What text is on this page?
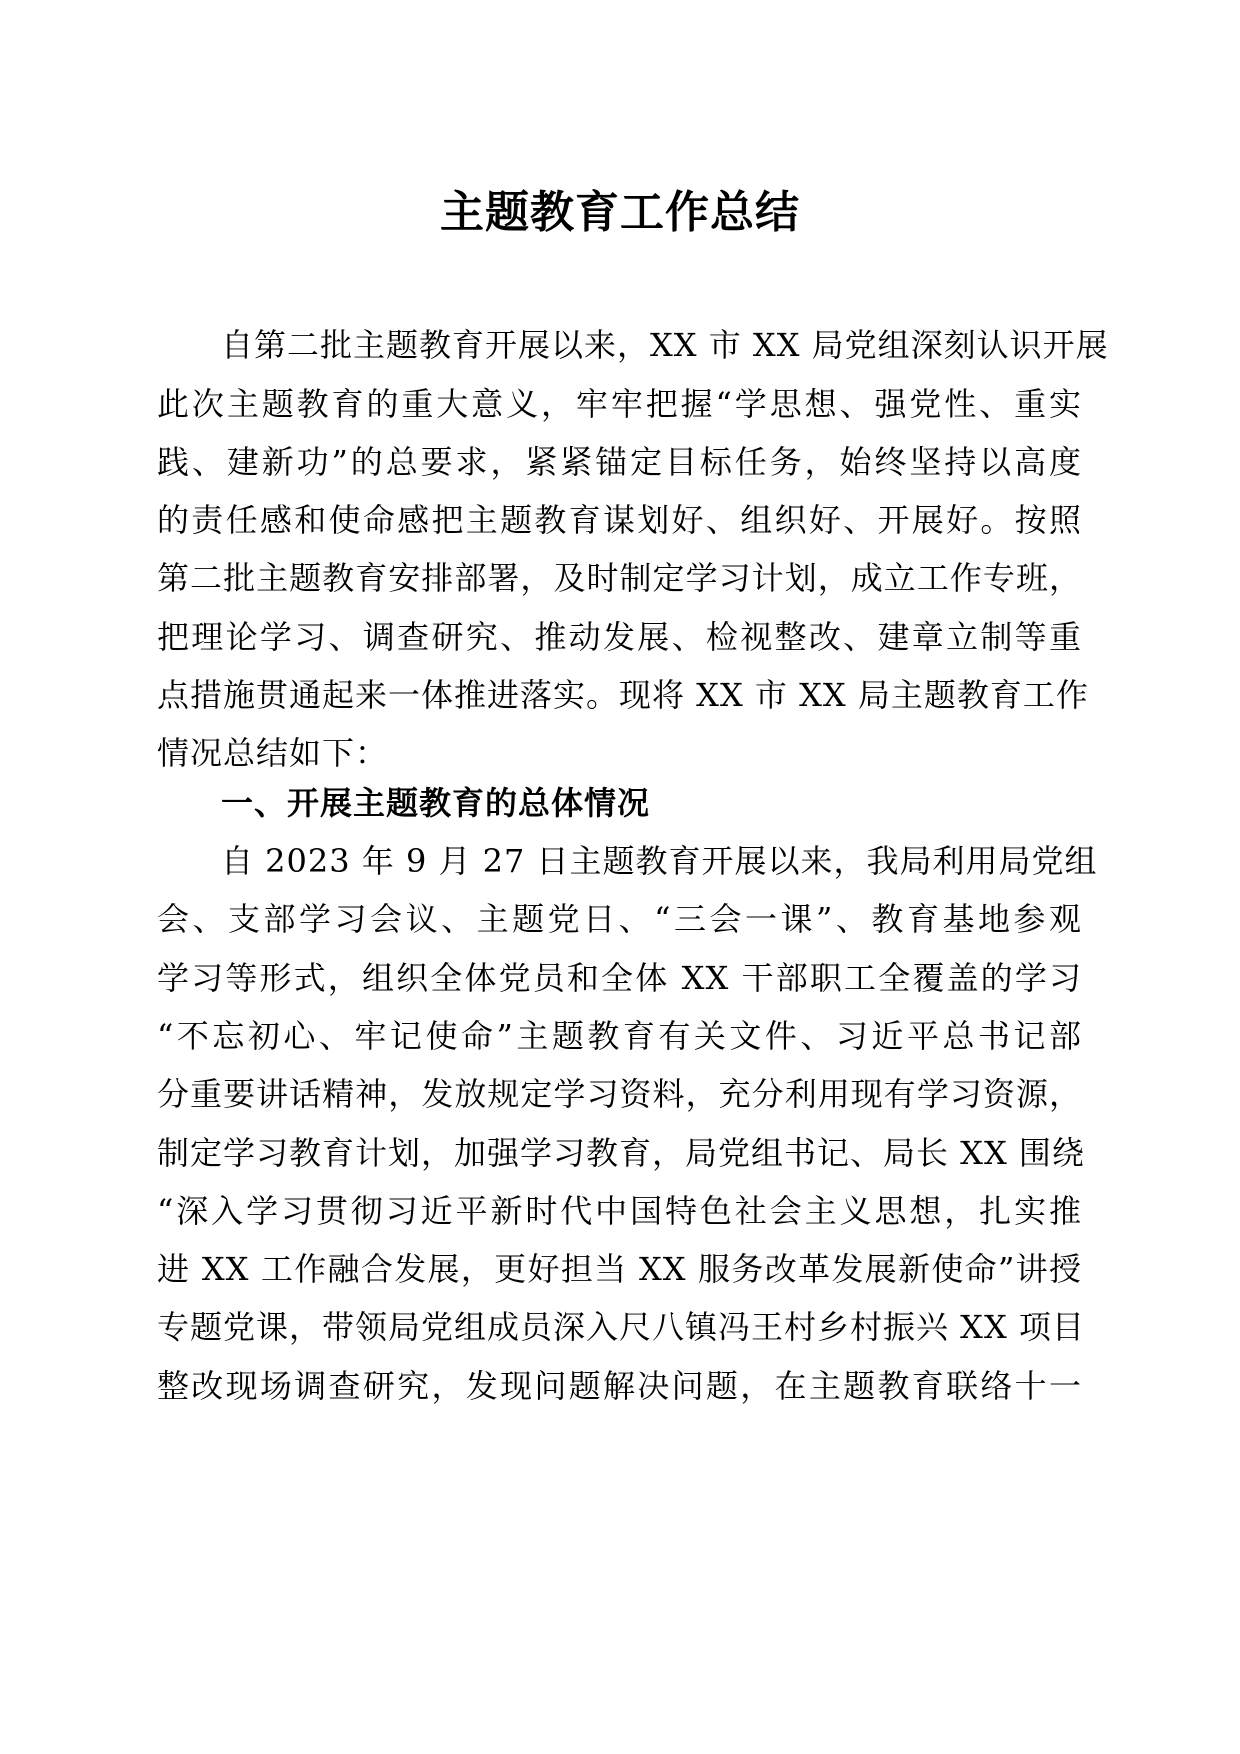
主题教育工作总结

自第二批主题教育开展以来，XX 市 XX 局党组深刻认识开展

此次主题教育的重大意义，牢牢把握“学思想、强党性、重实

践、建新功”的总要求，紧紧锚定目标任务，始终坚持以高度

的责任感和使命感把主题教育谋划好、组织好、开展好。按照

第二批主题教育安排部署，及时制定学习计划，成立工作专班，

把理论学习、调查研究、推动发展、检视整改、建章立制等重

点措施贯通起来一体推进落实。现将 XX 市 XX 局主题教育工作

情况总结如下：

一、开展主题教育的总体情况

自 2023 年 9 月 27 日主题教育开展以来，我局利用局党组

会、支部学习会议、主题党日、“三会一课”、教育基地参观

学习等形式，组织全体党员和全体 XX 干部职工全覆盖的学习

“不忘初心、牢记使命”主题教育有关文件、习近平总书记部

分重要讲话精神，发放规定学习资料，充分利用现有学习资源，

制定学习教育计划，加强学习教育，局党组书记、局长 XX 围绕

“深入学习贯彻习近平新时代中国特色社会主义思想，扎实推

进 XX 工作融合发展，更好担当 XX 服务改革发展新使命”讲授

专题党课，带领局党组成员深入尺八镇冯王村乡村振兴 XX 项目

整改现场调查研究，发现问题解决问题，在主题教育联络十一
